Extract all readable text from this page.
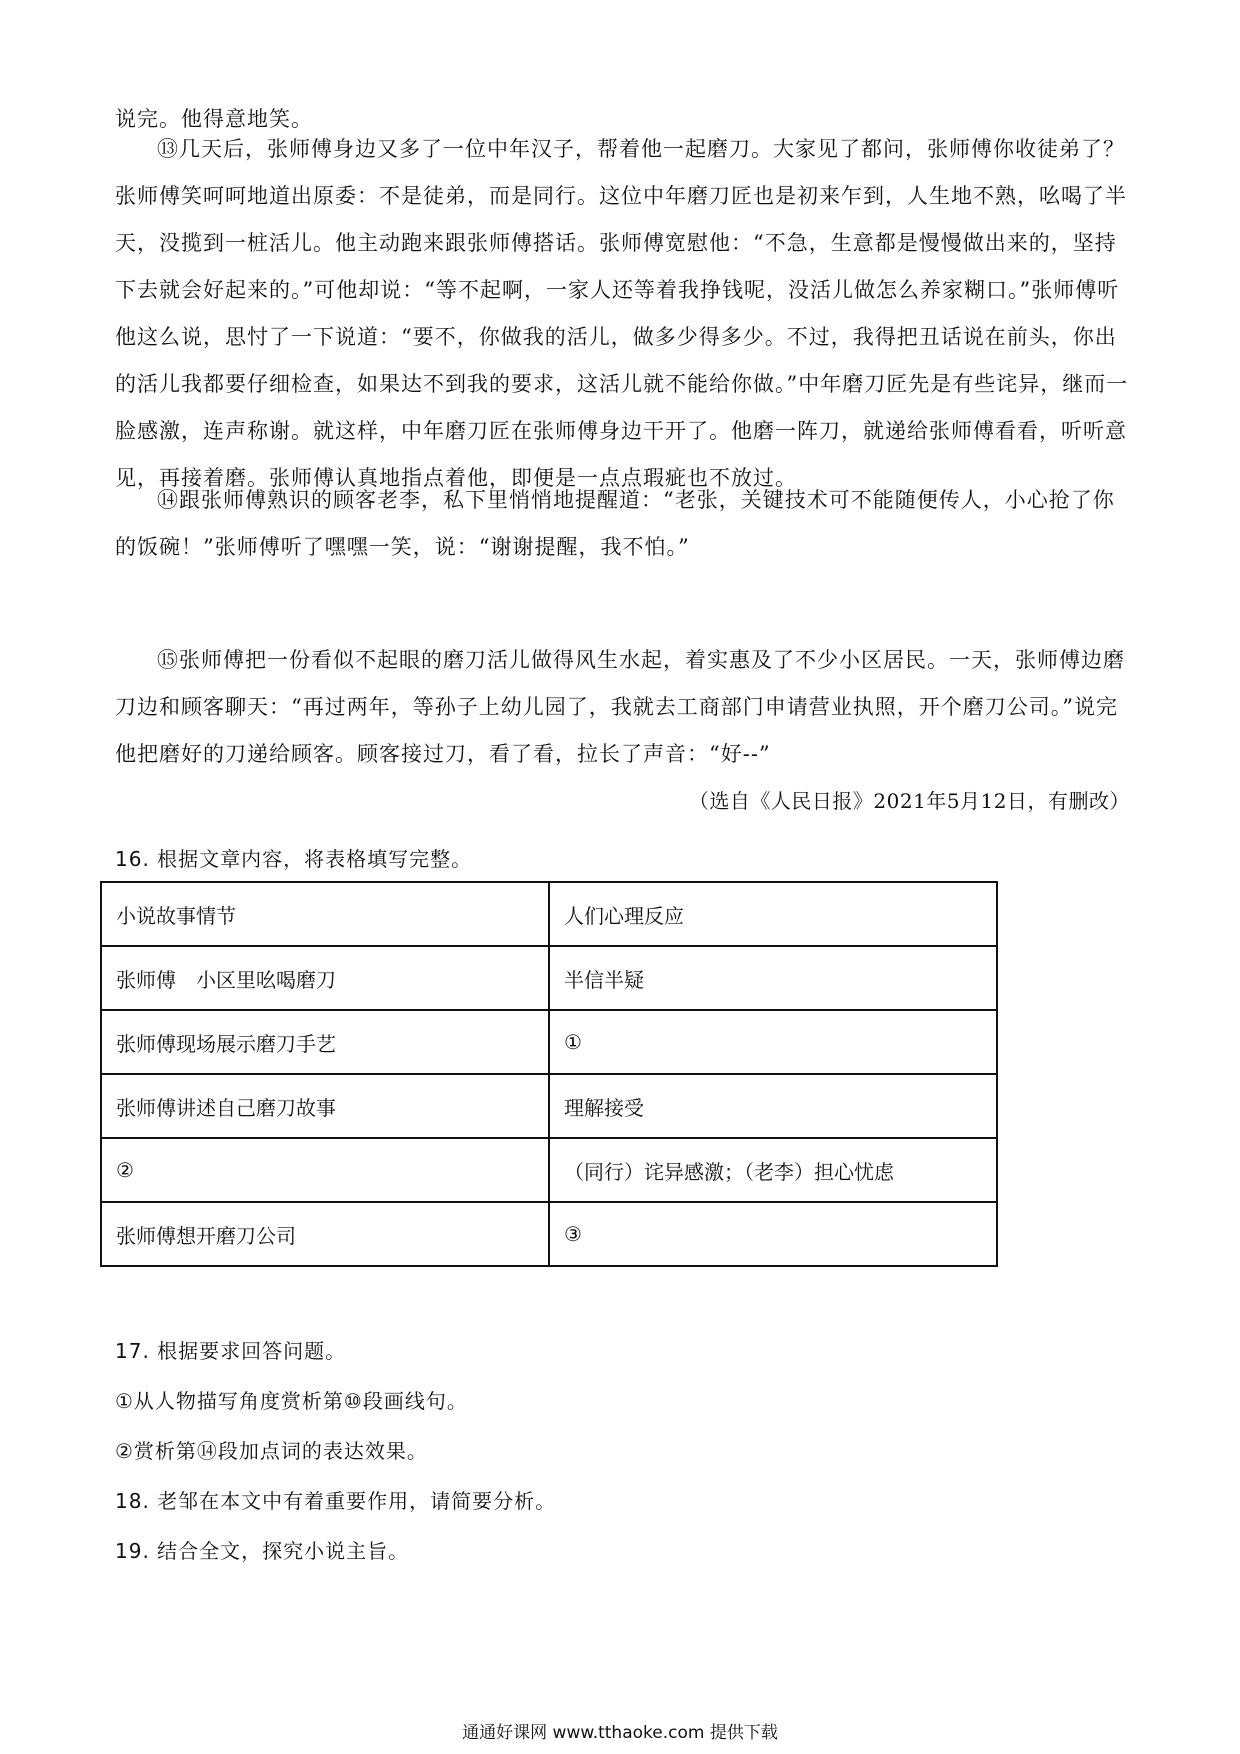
说完。他得意地笑。

⑬几天后，张师傅身边又多了一位中年汉子，帮着他一起磨刀。大家见了都问，张师傅你收徒弟了？张师傅笑呵呵地道出原委：不是徒弟，而是同行。这位中年磨刀匠也是初来乍到，人生地不熟，吆喝了半天，没揽到一桩活儿。他主动跑来跟张师傅搭话。张师傅宽慰他：“不急，生意都是慢慢做出来的，坚持下去就会好起来的。”可他却说：“等不起啊，一家人还等着我挣钱呢，没活儿做怎么养家糊口。”张师傅听他这么说，思忖了一下说道：“要不，你做我的活儿，做多少得多少。不过，我得把丑话说在前头，你出的活儿我都要仔细检查，如果达不到我的要求，这活儿就不能给你做。”中年磨刀匠先是有些诧异，继而一脸感激，连声称谢。就这样，中年磨刀匠在张师傅身边干开了。他磨一阵刀，就递给张师傅看看，听听意见，再接着磨。张师傅认真地指点着他，即便是一点点瑕疵也不放过。

⑭跟张师傅熟识的顾客老李，私下里悄悄地提醒道：“老张，关键技术可不能随便传人，小心抢了你的饭碗！”张师傅听了嘿嘿一笑，说：“谢谢提醒，我不怕。”

⑮张师傅把一份看似不起眼的磨刀活儿做得风生水起，着实惠及了不少小区居民。一天，张师傅边磨刀边和顾客聊天：“再过两年，等孙子上幼儿园了，我就去工商部门申请营业执照，开个磨刀公司。”说完他把磨好的刀递给顾客。顾客接过刀，看了看，拉长了声音：“好--”

（选自《人民日报》2021年5月12日，有删改）
16. 根据文章内容，将表格填写完整。
小说故事情节	人们心理反应
张师傅　小区里吆喝磨刀	半信半疑
张师傅现场展示磨刀手艺	①
张师傅讲述自己磨刀故事	理解接受
②	（同行）诧异感激；（老李）担心忧虑
张师傅想开磨刀公司	③
17. 根据要求回答问题。
①从人物描写角度赏析第⑩段画线句。
②赏析第⑭段加点词的表达效果。
18. 老邹在本文中有着重要作用，请简要分析。
19. 结合全文，探究小说主旨。
通通好课网 www.tthaoke.com 提供下载
